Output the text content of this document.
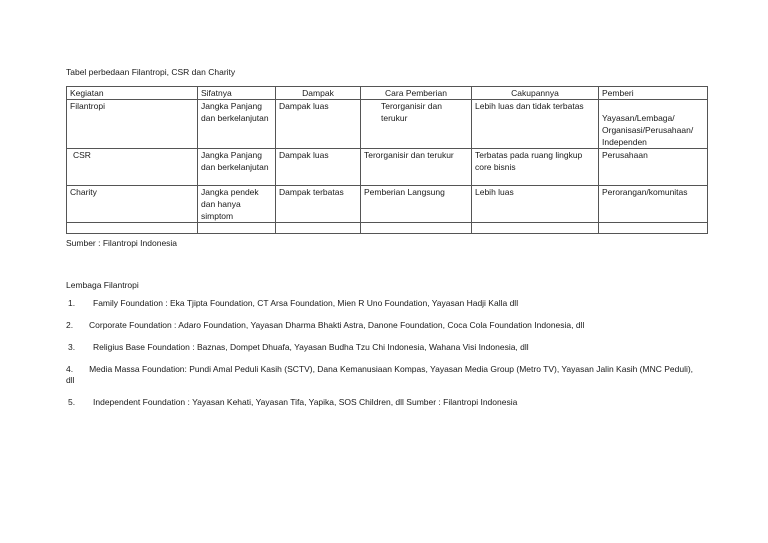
Tabel perbedaan Filantropi, CSR dan Charity
Kegiatan	Sifatnya	Dampak	Cara Pemberian	Cakupannya	Pemberi
Filantropi	Jangka Panjang dan berkelanjutan	Dampak luas	Terorganisir dan terukur	Lebih luas dan tidak terbatas	Yayasan/Lembaga/ Organisasi/Perusahaan/ Independen
CSR	Jangka Panjang dan berkelanjutan	Dampak luas	Terorganisir dan terukur	Terbatas pada ruang lingkup core bisnis	Perusahaan
Charity	Jangka pendek dan hanya simptom	Dampak terbatas	Pemberian Langsung	Lebih luas	Perorangan/komunitas

Sumber : Filantropi Indonesia
Lembaga Filantropi
1.	Family Foundation : Eka Tjipta Foundation, CT Arsa Foundation, Mien R Uno Foundation, Yayasan Hadji Kalla dll
2.	Corporate Foundation : Adaro Foundation, Yayasan Dharma Bhakti Astra, Danone Foundation, Coca Cola Foundation Indonesia, dll
3.	Religius Base Foundation : Baznas, Dompet Dhuafa, Yayasan Budha Tzu Chi Indonesia, Wahana Visi Indonesia, dll
4. Media Massa Foundation: Pundi Amal Peduli Kasih (SCTV), Dana Kemanusiaan Kompas, Yayasan Media Group (Metro TV), Yayasan Jalin Kasih (MNC Peduli), dll
5.	Independent Foundation : Yayasan Kehati, Yayasan Tifa, Yapika, SOS Children, dll Sumber : Filantropi Indonesia
